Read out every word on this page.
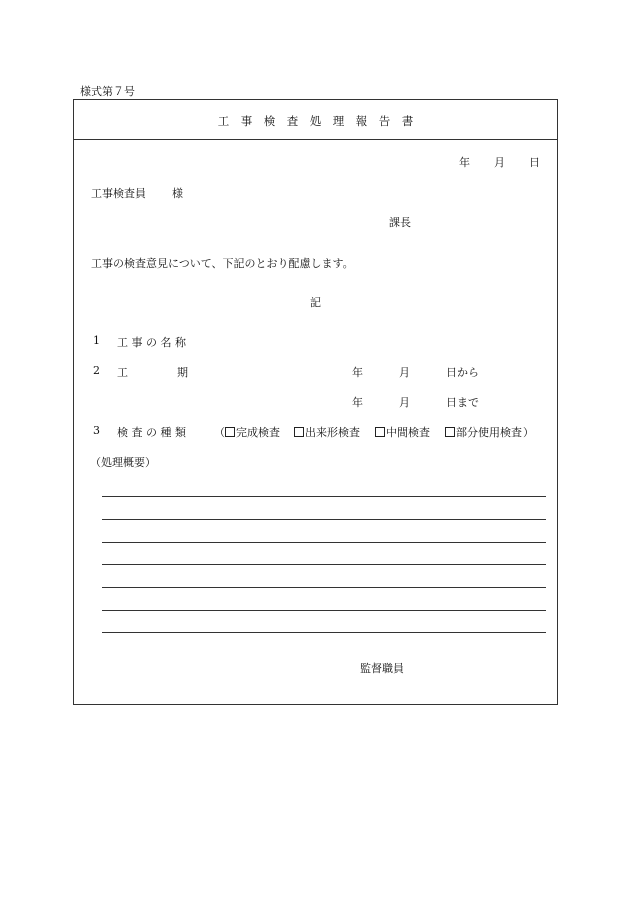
様式第７号
工　事　検　査　処　理　報　告　書
年 月 日
工事検査員 様
課長
工事の検査意見について、下記のとおり配慮します。
記
1 工 事 の 名 称
2 工	期	年	月	日から
年	月	日まで
3 検 査 の 種 類	（	完成検査	出来形検査	中間検査	部分使用検査 ）
（処理概要）
監督職員
